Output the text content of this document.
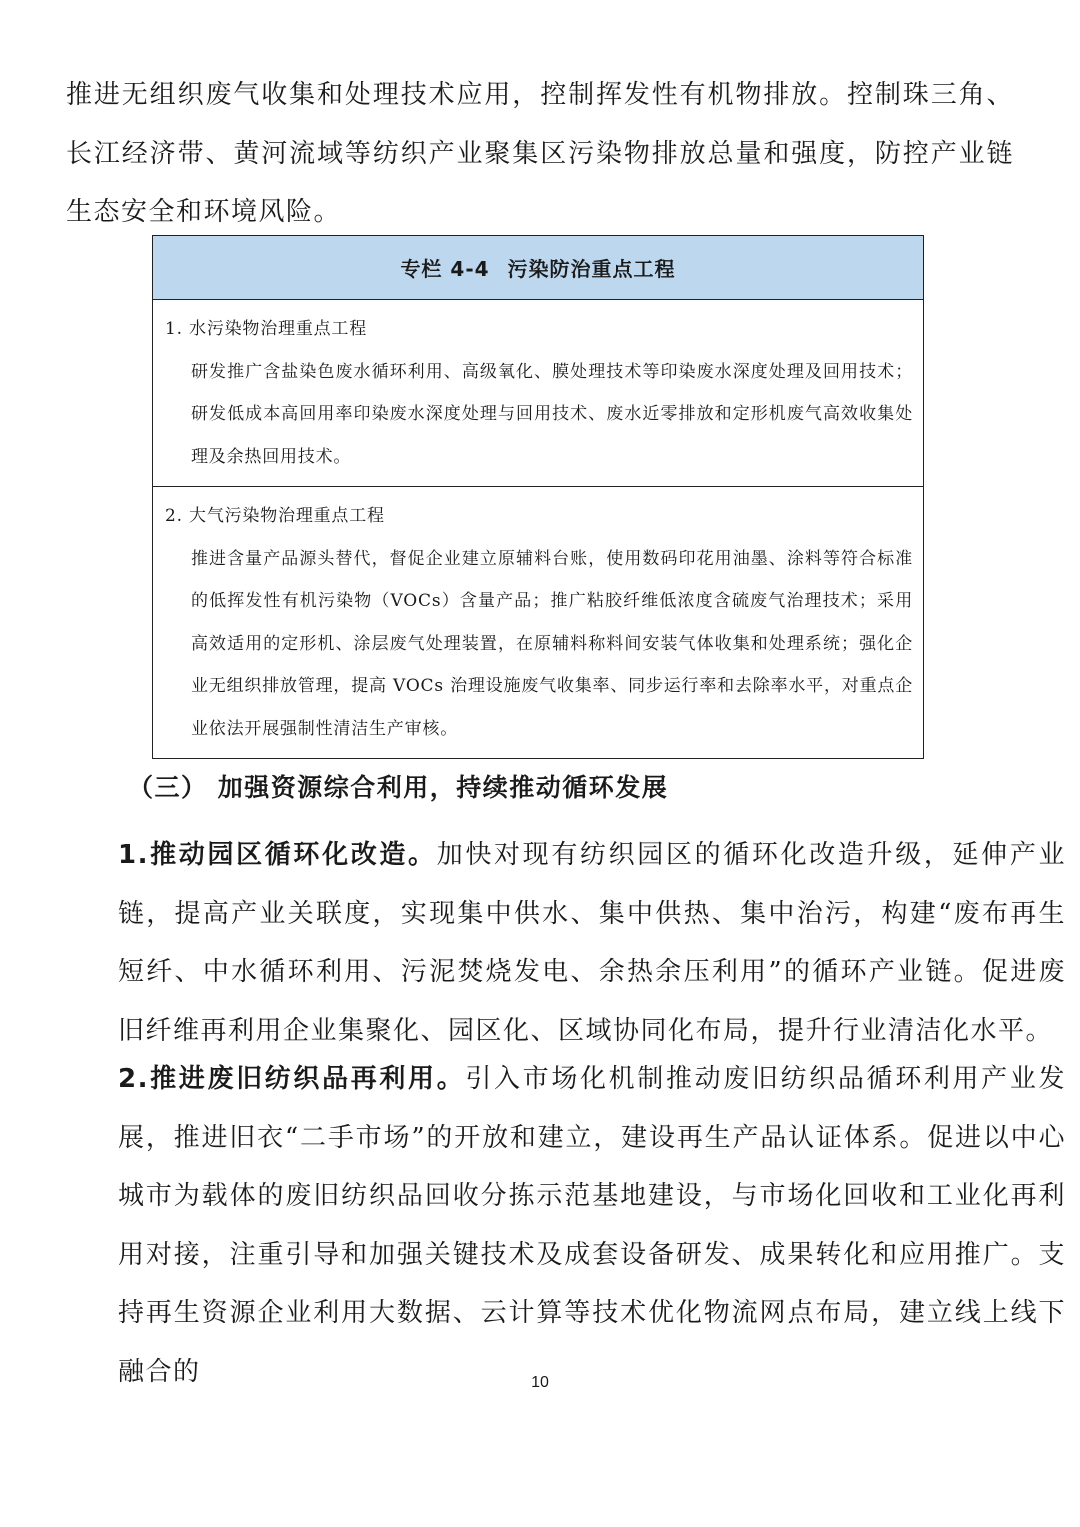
推进无组织废气收集和处理技术应用，控制挥发性有机物排放。控制珠三角、长江经济带、黄河流域等纺织产业聚集区污染物排放总量和强度，防控产业链生态安全和环境风险。

专栏 4-4 污染防治重点工程

1. 水污染物治理重点工程

研发推广含盐染色废水循环利用、高级氧化、膜处理技术等印染废水深度处理及回用技术；研发低成本高回用率印染废水深度处理与回用技术、废水近零排放和定形机废气高效收集处理及余热回用技术。

2. 大气污染物治理重点工程

推进含量产品源头替代，督促企业建立原辅料台账，使用数码印花用油墨、涂料等符合标准的低挥发性有机污染物（VOCs）含量产品；推广粘胶纤维低浓度含硫废气治理技术；采用高效适用的定形机、涂层废气处理装置，在原辅料称料间安装气体收集和处理系统；强化企业无组织排放管理，提高 VOCs 治理设施废气收集率、同步运行率和去除率水平，对重点企业依法开展强制性清洁生产审核。

（三） 加强资源综合利用，持续推动循环发展

1.推动园区循环化改造。加快对现有纺织园区的循环化改造升级，延伸产业链，提高产业关联度，实现集中供水、集中供热、集中治污，构建“废布再生短纤、中水循环利用、污泥焚烧发电、余热余压利用”的循环产业链。促进废旧纤维再利用企业集聚化、园区化、区域协同化布局，提升行业清洁化水平。

2.推进废旧纺织品再利用。引入市场化机制推动废旧纺织品循环利用产业发展，推进旧衣“二手市场”的开放和建立，建设再生产品认证体系。促进以中心城市为载体的废旧纺织品回收分拣示范基地建设，与市场化回收和工业化再利用对接，注重引导和加强关键技术及成套设备研发、成果转化和应用推广。支持再生资源企业利用大数据、云计算等技术优化物流网点布局，建立线上线下融合的	10
